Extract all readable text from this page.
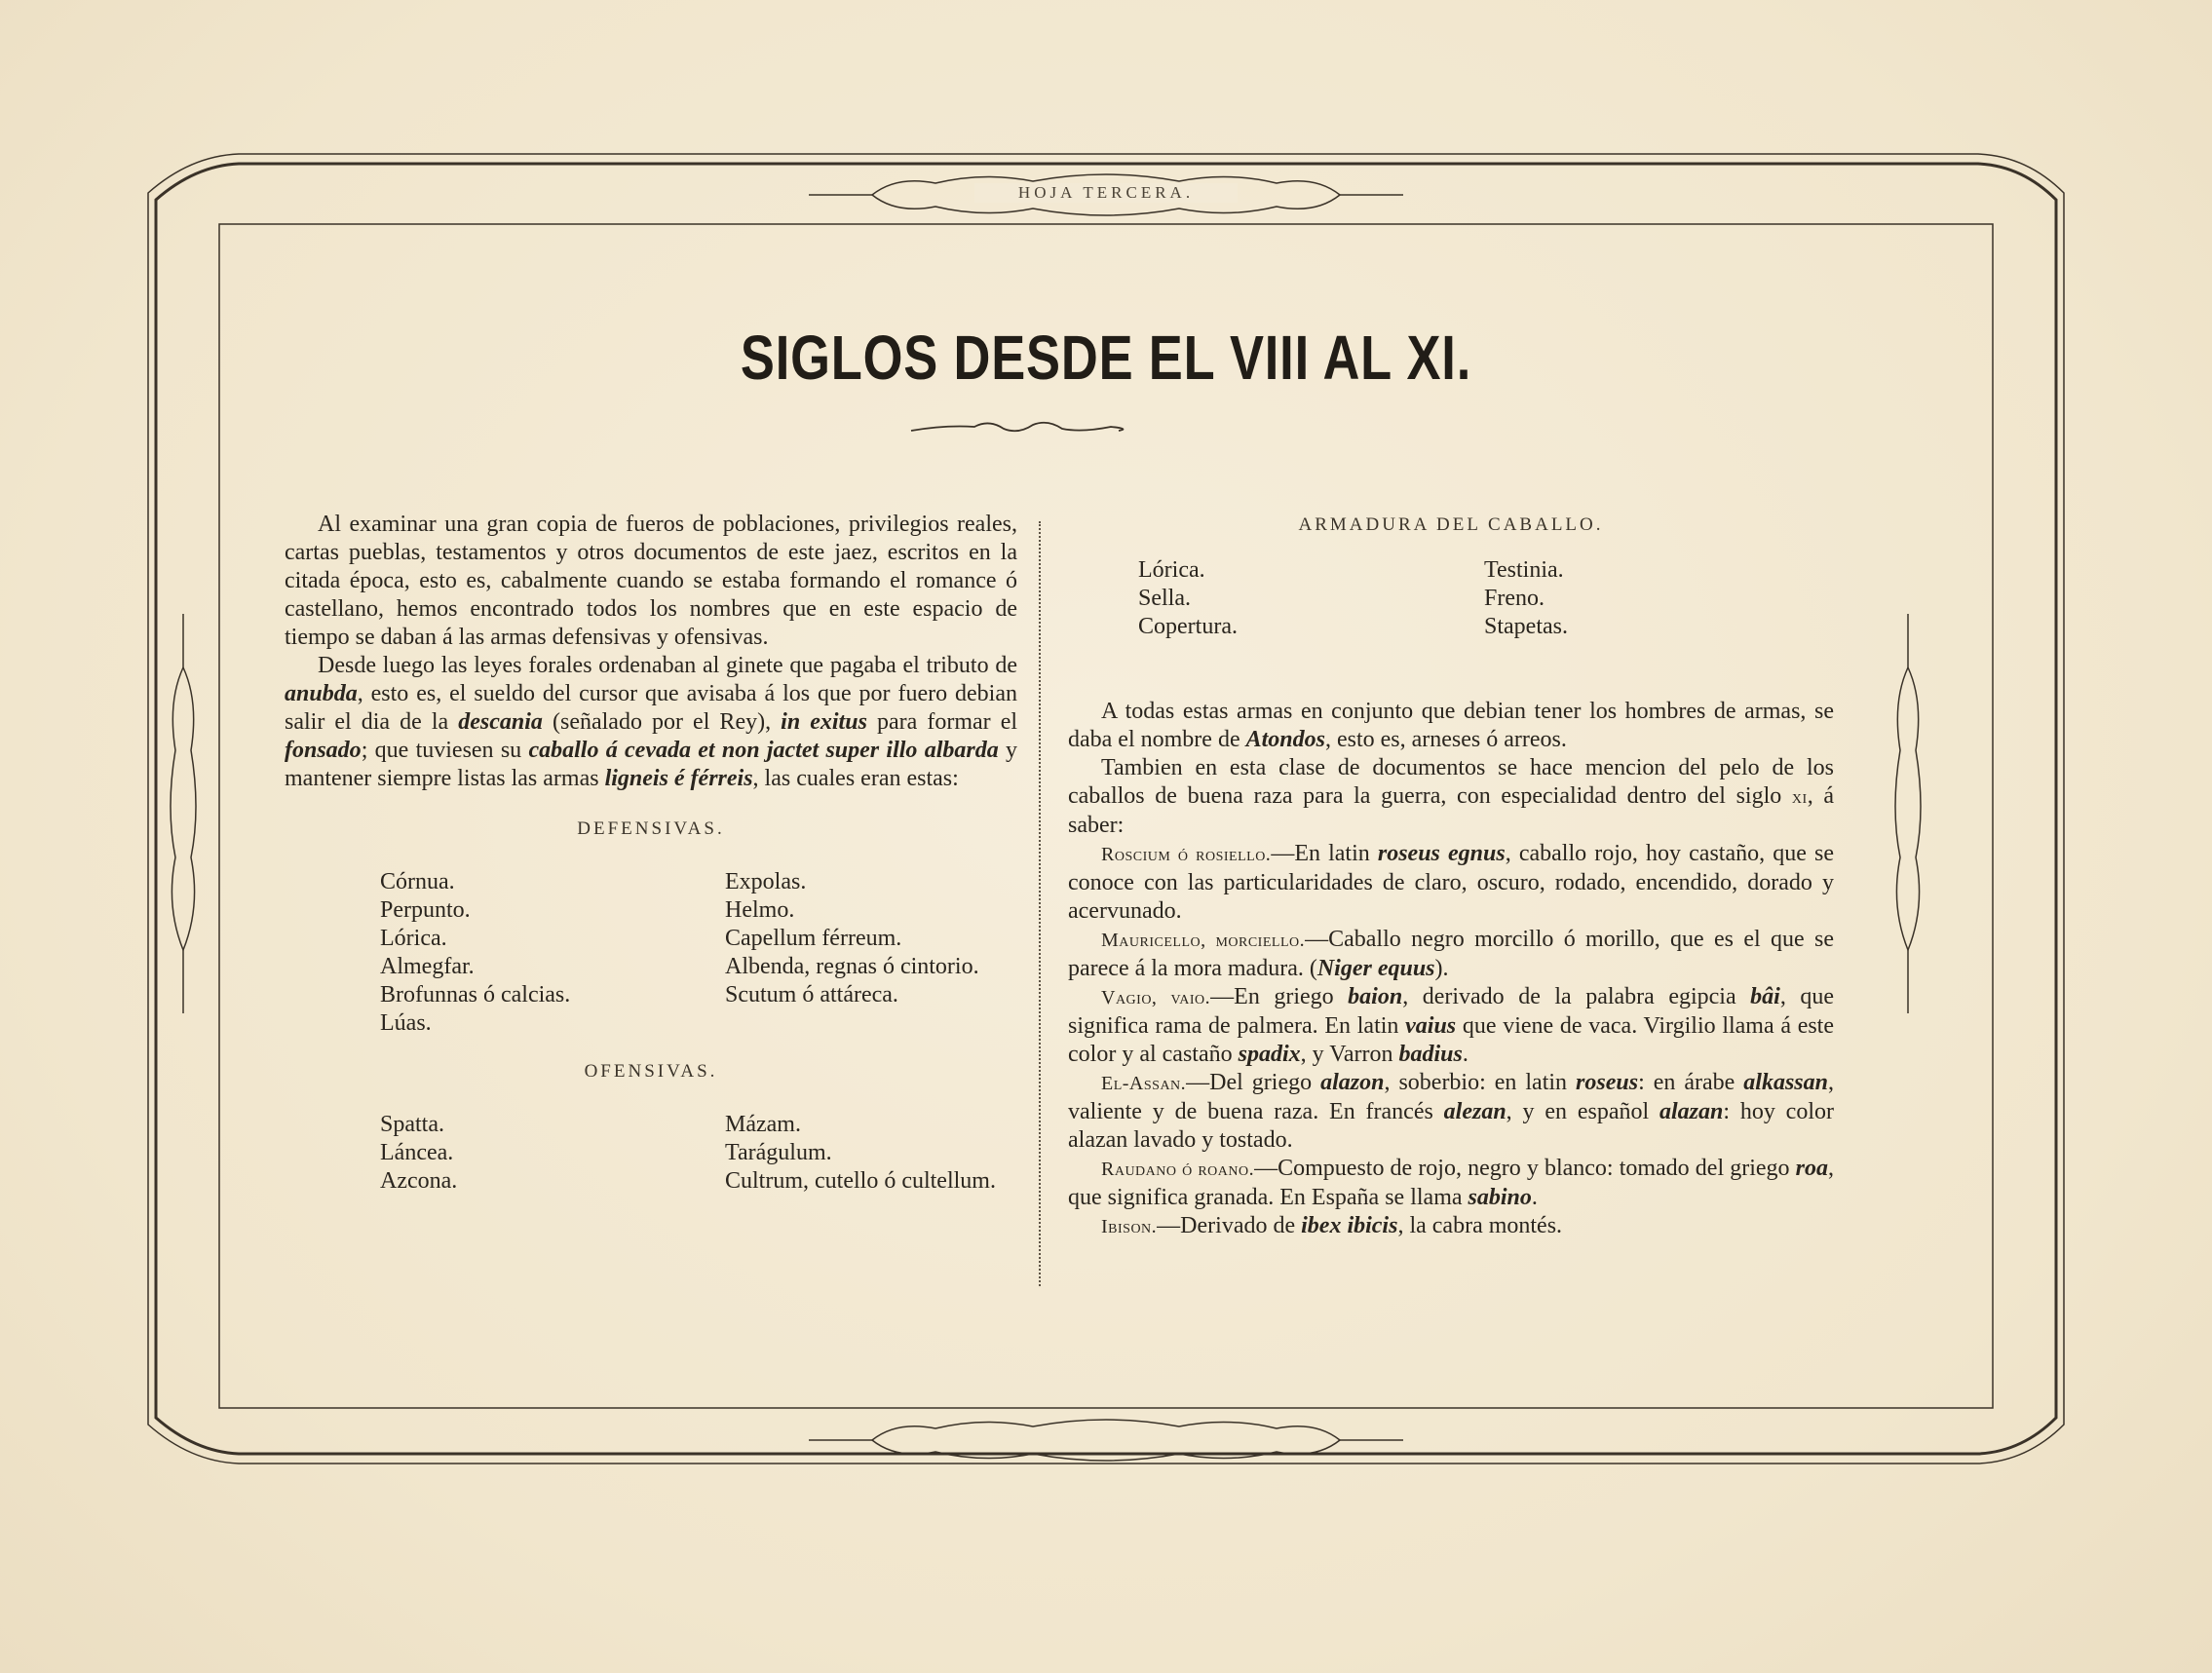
HOJA TERCERA.
SIGLOS DESDE EL VIII AL XI.

Al examinar una gran copia de fueros de poblaciones, privilegios reales, cartas pueblas, testamentos y otros documentos de este jaez, escritos en la citada época, esto es, cabalmente cuando se estaba formando el romance ó castellano, hemos encontrado todos los nombres que en este espacio de tiempo se daban á las armas defensivas y ofensivas.

Desde luego las leyes forales ordenaban al ginete que pagaba el tributo de anubda, esto es, el sueldo del cursor que avisaba á los que por fuero debian salir el dia de la descania (señalado por el Rey), in exitus para formar el fonsado; que tuviesen su caballo á cevada et non jactet super illo albarda y mantener siempre listas las armas ligneis é férreis, las cuales eran estas:

DEFENSIVAS.
Córnua.
Perpunto.
Lórica.
Almegfar.
Brofunnas ó calcias.
Lúas.
Expolas.
Helmo.
Capellum férreum.
Albenda, regnas ó cintorio.
Scutum ó attáreca.
OFENSIVAS.
Spatta.
Láncea.
Azcona.
Mázam.
Tarágulum.
Cultrum, cutello ó cultellum.
ARMADURA DEL CABALLO.
Lórica.
Sella.
Copertura.
Testinia.
Freno.
Stapetas.

A todas estas armas en conjunto que debian tener los hombres de armas, se daba el nombre de Atondos, esto es, arneses ó arreos.

Tambien en esta clase de documentos se hace mencion del pelo de los caballos de buena raza para la guerra, con especialidad dentro del siglo xi, á saber:

Roscium ó rosiello.—En latin roseus egnus, caballo rojo, hoy castaño, que se conoce con las particularidades de claro, oscuro, rodado, encendido, dorado y acervunado.

Mauricello, morciello.—Caballo negro morcillo ó morillo, que es el que se parece á la mora madura. (Niger equus).

Vagio, vaio.—En griego baion, derivado de la palabra egipcia bâi, que significa rama de palmera. En latin vaius que viene de vaca. Virgilio llama á este color y al castaño spadix, y Varron badius.

El-Assan.—Del griego alazon, soberbio: en latin roseus: en árabe alkassan, valiente y de buena raza. En francés alezan, y en español alazan: hoy color alazan lavado y tostado.

Raudano ó roano.—Compuesto de rojo, negro y blanco: tomado del griego roa, que significa granada. En España se llama sabino.

Ibison.—Derivado de ibex ibicis, la cabra montés.
